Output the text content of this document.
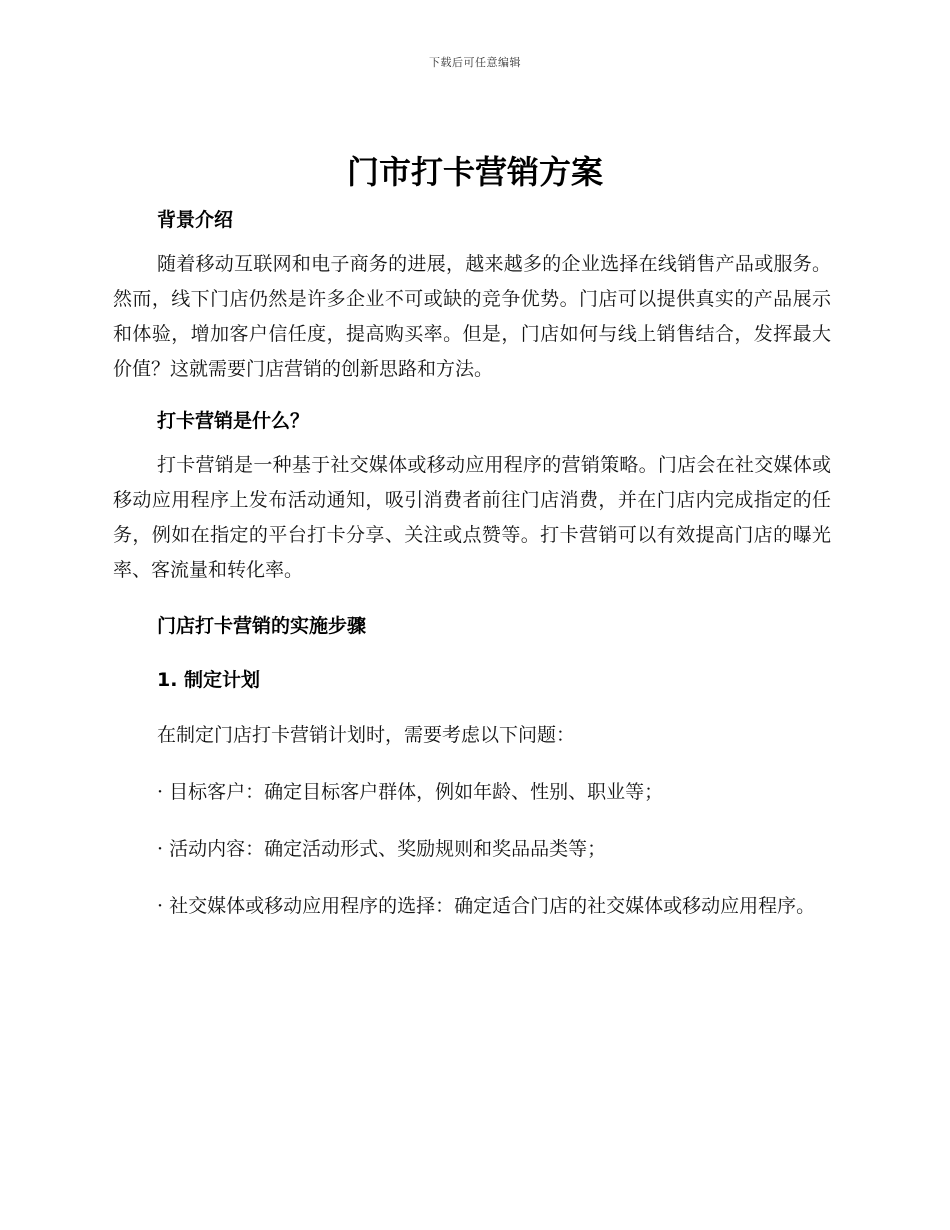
下载后可任意编辑
门市打卡营销方案

背景介绍

随着移动互联网和电子商务的进展，越来越多的企业选择在线销售产品或服务。然而，线下门店仍然是许多企业不可或缺的竞争优势。门店可以提供真实的产品展示和体验，增加客户信任度，提高购买率。但是，门店如何与线上销售结合，发挥最大价值？这就需要门店营销的创新思路和方法。

打卡营销是什么？

打卡营销是一种基于社交媒体或移动应用程序的营销策略。门店会在社交媒体或移动应用程序上发布活动通知，吸引消费者前往门店消费，并在门店内完成指定的任务，例如在指定的平台打卡分享、关注或点赞等。打卡营销可以有效提高门店的曝光率、客流量和转化率。

门店打卡营销的实施步骤

1. 制定计划

在制定门店打卡营销计划时，需要考虑以下问题：

· 目标客户：确定目标客户群体，例如年龄、性别、职业等；

· 活动内容：确定活动形式、奖励规则和奖品品类等；

· 社交媒体或移动应用程序的选择：确定适合门店的社交媒体或移动应用程序。
